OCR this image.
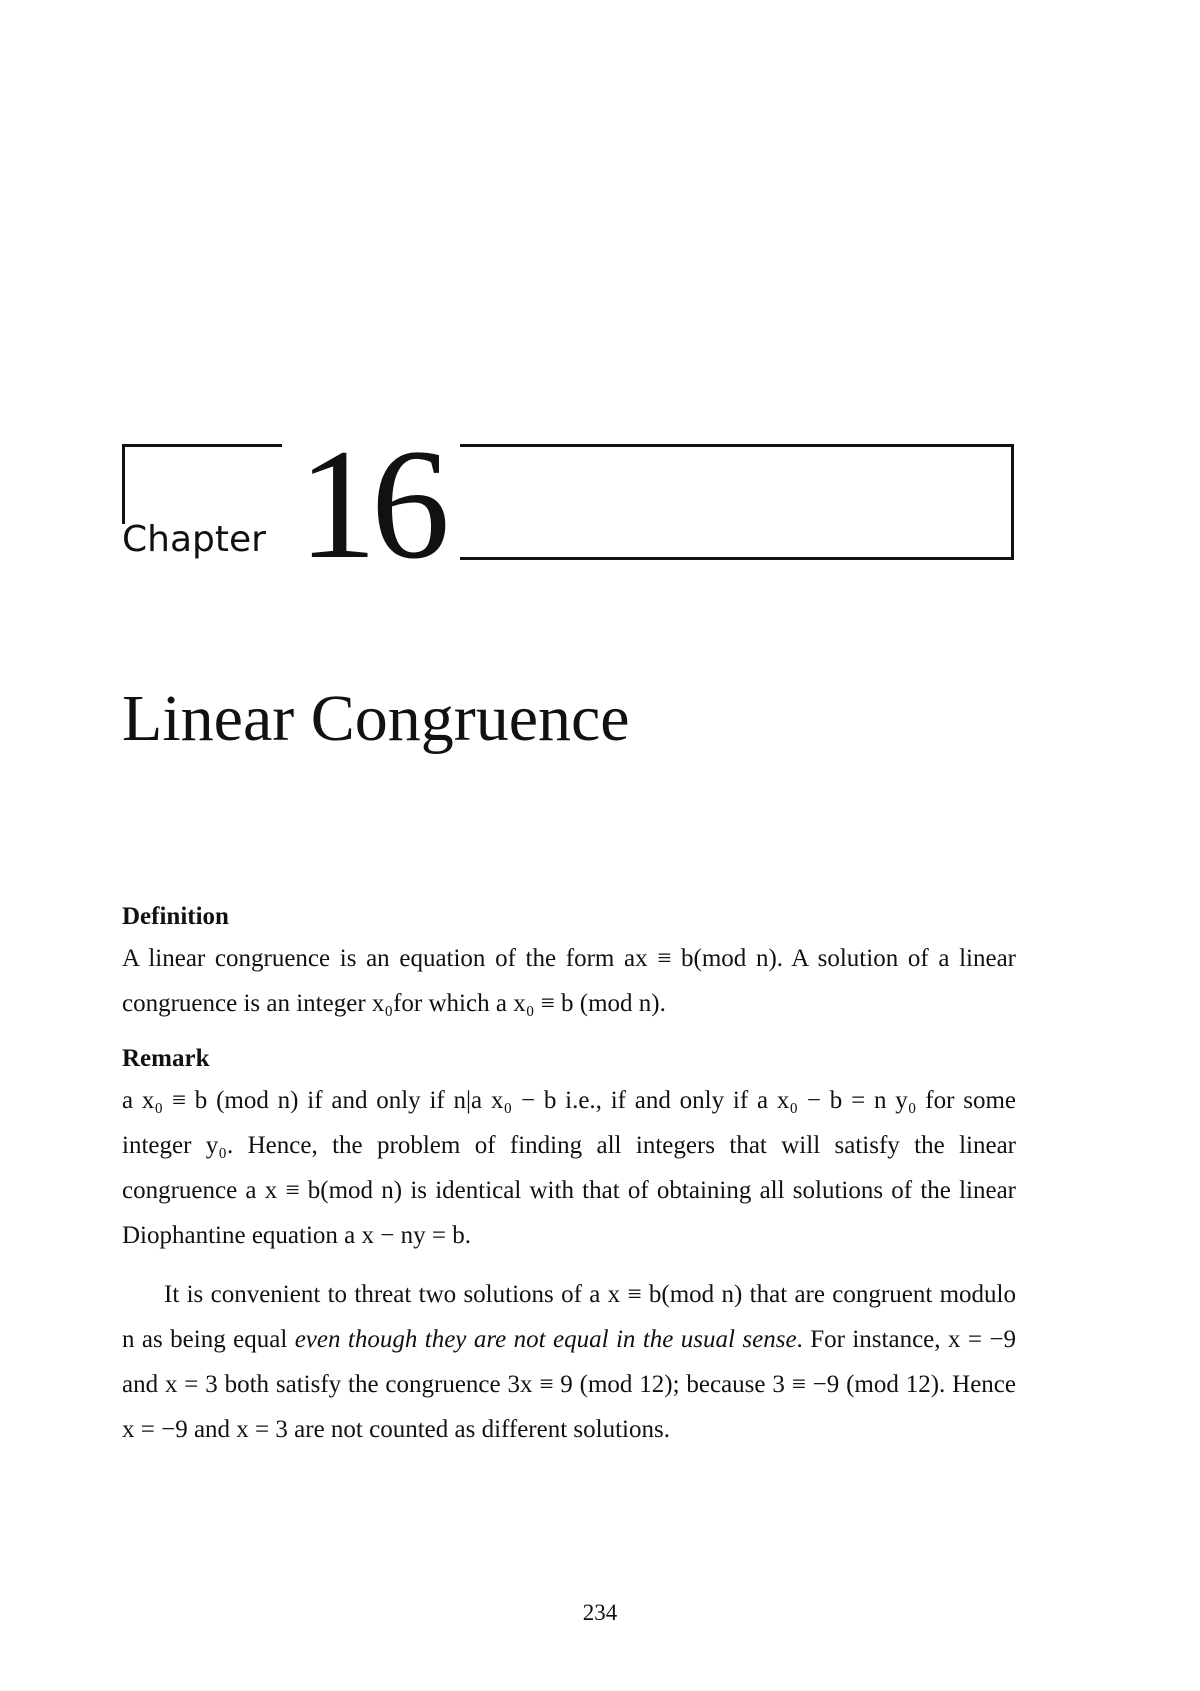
Chapter 16
Linear Congruence
Definition

A linear congruence is an equation of the form ax ≡ b(mod n). A solution of a linear congruence is an integer x₀for which a x₀ ≡ b (mod n).

Remark

a x₀ ≡ b (mod n) if and only if n|a x₀ − b i.e., if and only if a x₀ − b = n y₀ for some integer y₀. Hence, the problem of finding all integers that will satisfy the linear congruence a x ≡ b(mod n) is identical with that of obtaining all solutions of the linear Diophantine equation a x − ny = b.

It is convenient to threat two solutions of a x ≡ b(mod n) that are congruent modulo n as being equal even though they are not equal in the usual sense. For instance, x = −9 and x = 3 both satisfy the congruence 3x ≡ 9 (mod 12); because 3 ≡ −9 (mod 12). Hence x = −9 and x = 3 are not counted as different solutions.

234
